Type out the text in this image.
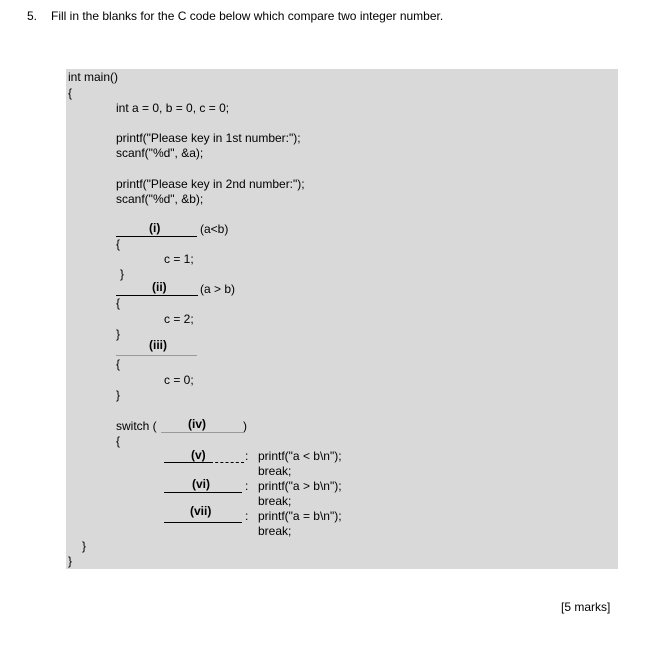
5. Fill in the blanks for the C code below which compare two integer number.
int main()
{
int a = 0, b = 0, c = 0;
printf("Please key in 1st number:");
scanf("%d", &a);
printf("Please key in 2nd number:");
scanf("%d", &b);
(i)	(a<b)
{
c = 1;
}
(ii)	(a > b)
{
c = 2;
}
(iii)
{
c = 0;
}
switch (	(iv)	)
{
(v)	: printf("a < b\n");
break;
(vi)	: printf("a > b\n");
break;
(vii)	: printf("a = b\n");
break;
}
}
[5 marks]
